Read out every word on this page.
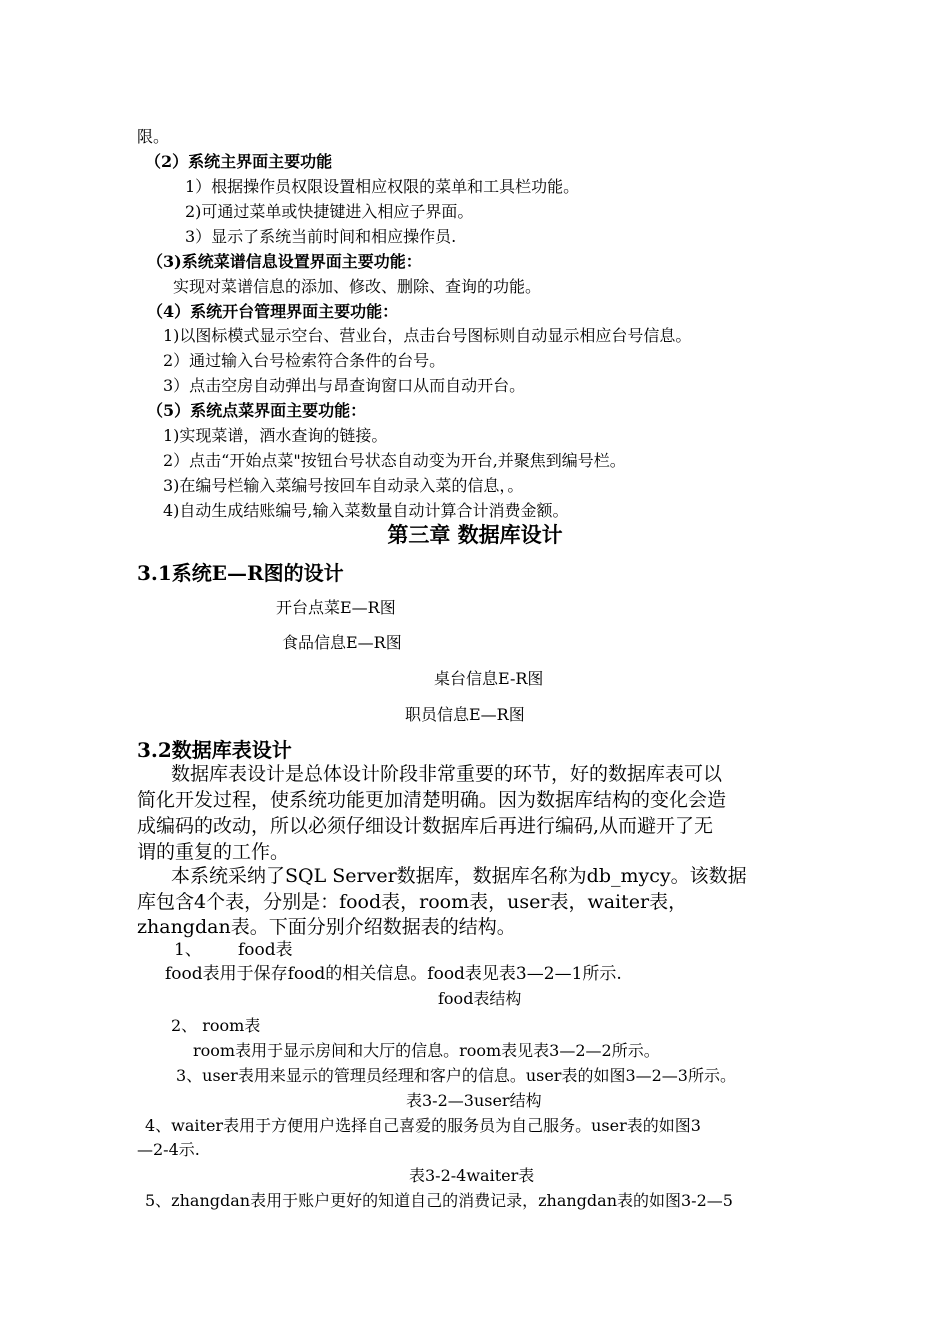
限。
（2）系统主界面主要功能
1）根据操作员权限设置相应权限的菜单和工具栏功能。
2)可通过菜单或快捷键进入相应子界面。
3）显示了系统当前时间和相应操作员.
（3)系统菜谱信息设置界面主要功能：
实现对菜谱信息的添加、修改、删除、查询的功能。
（4）系统开台管理界面主要功能：
1)以图标模式显示空台、营业台，点击台号图标则自动显示相应台号信息。
2）通过输入台号检索符合条件的台号。
3）点击空房自动弹出与昂查询窗口从而自动开台。
（5）系统点菜界面主要功能：
1)实现菜谱，酒水查询的链接。
2）点击“开始点菜"按钮台号状态自动变为开台,并聚焦到编号栏。
3)在编号栏输入菜编号按回车自动录入菜的信息，。
4)自动生成结账编号,输入菜数量自动计算合计消费金额。
第三章 数据库设计
3.1系统E—R图的设计
开台点菜E—R图
食品信息E—R图
桌台信息E-R图
职员信息E—R图
3.2数据库表设计
数据库表设计是总体设计阶段非常重要的环节，好的数据库表可以
简化开发过程，使系统功能更加清楚明确。因为数据库结构的变化会造
成编码的改动，所以必须仔细设计数据库后再进行编码,从而避开了无
谓的重复的工作。
本系统采纳了SQL Server数据库，数据库名称为db_mycy。该数据
库包含4个表，分别是：food表，room表，user表，waiter表，
zhangdan表。下面分别介绍数据表的结构。
1、 food表
food表用于保存food的相关信息。food表见表3—2—1所示.
food表结构
2、 room表
room表用于显示房间和大厅的信息。room表见表3—2—2所示。
3、user表用来显示的管理员经理和客户的信息。user表的如图3—2—3所示。
表3-2—3user结构
4、waiter表用于方便用户选择自己喜爱的服务员为自己服务。user表的如图3
—2-4示.
表3-2-4waiter表
5、zhangdan表用于账户更好的知道自己的消费记录，zhangdan表的如图3-2—5
